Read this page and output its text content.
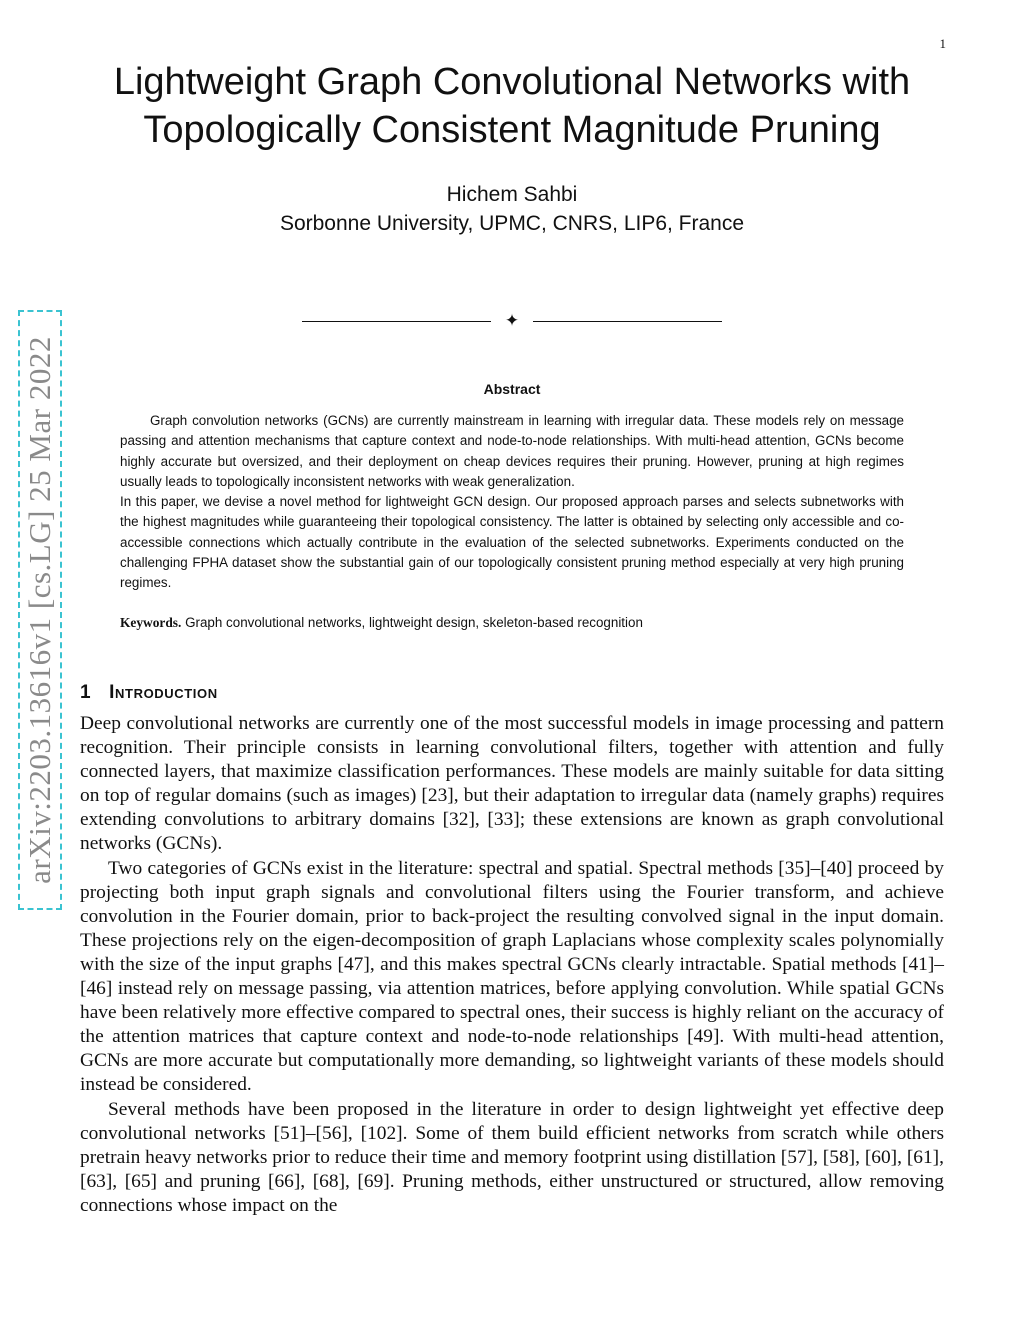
1
arXiv:2203.13616v1 [cs.LG] 25 Mar 2022
Lightweight Graph Convolutional Networks with Topologically Consistent Magnitude Pruning
Hichem Sahbi
Sorbonne University, UPMC, CNRS, LIP6, France
✦
Abstract

Graph convolution networks (GCNs) are currently mainstream in learning with irregular data. These models rely on message passing and attention mechanisms that capture context and node-to-node relationships. With multi-head attention, GCNs become highly accurate but oversized, and their deployment on cheap devices requires their pruning. However, pruning at high regimes usually leads to topologically inconsistent networks with weak generalization.

In this paper, we devise a novel method for lightweight GCN design. Our proposed approach parses and selects subnetworks with the highest magnitudes while guaranteeing their topological consistency. The latter is obtained by selecting only accessible and co-accessible connections which actually contribute in the evaluation of the selected subnetworks. Experiments conducted on the challenging FPHA dataset show the substantial gain of our topologically consistent pruning method especially at very high pruning regimes.

Keywords. Graph convolutional networks, lightweight design, skeleton-based recognition
1 Introduction

Deep convolutional networks are currently one of the most successful models in image processing and pattern recognition. Their principle consists in learning convolutional filters, together with attention and fully connected layers, that maximize classification performances. These models are mainly suitable for data sitting on top of regular domains (such as images) [23], but their adaptation to irregular data (namely graphs) requires extending convolutions to arbitrary domains [32], [33]; these extensions are known as graph convolutional networks (GCNs).

Two categories of GCNs exist in the literature: spectral and spatial. Spectral methods [35]–[40] proceed by projecting both input graph signals and convolutional filters using the Fourier transform, and achieve convolution in the Fourier domain, prior to back-project the resulting convolved signal in the input domain. These projections rely on the eigen-decomposition of graph Laplacians whose complexity scales polynomially with the size of the input graphs [47], and this makes spectral GCNs clearly intractable. Spatial methods [41]–[46] instead rely on message passing, via attention matrices, before applying convolution. While spatial GCNs have been relatively more effective compared to spectral ones, their success is highly reliant on the accuracy of the attention matrices that capture context and node-to-node relationships [49]. With multi-head attention, GCNs are more accurate but computationally more demanding, so lightweight variants of these models should instead be considered.

Several methods have been proposed in the literature in order to design lightweight yet effective deep convolutional networks [51]–[56], [102]. Some of them build efficient networks from scratch while others pretrain heavy networks prior to reduce their time and memory footprint using distillation [57], [58], [60], [61], [63], [65] and pruning [66], [68], [69]. Pruning methods, either unstructured or structured, allow removing connections whose impact on the
